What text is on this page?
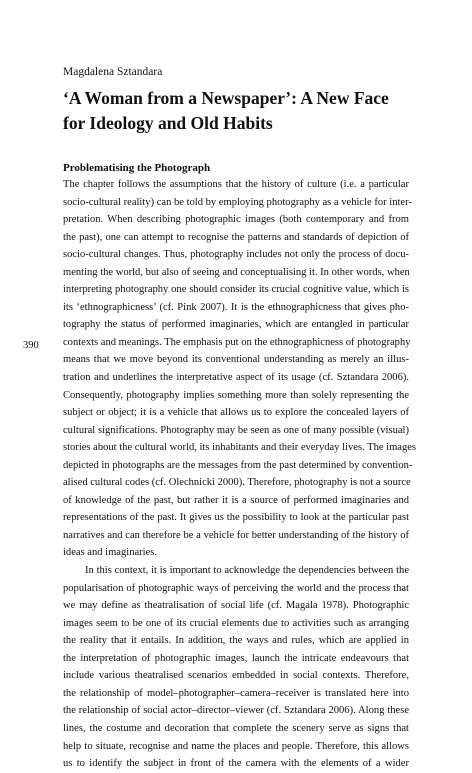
Magdalena Sztandara
‘A Woman from a Newspaper’: A New Face
for Ideology and Old Habits
Problematising the Photograph
390
The chapter follows the assumptions that the history of culture (i.e. a particular
socio-cultural reality) can be told by employing photography as a vehicle for inter-
pretation. When describing photographic images (both contemporary and from
the past), one can attempt to recognise the patterns and standards of depiction of
socio-cultural changes. Thus, photography includes not only the process of docu-
menting the world, but also of seeing and conceptualising it. In other words, when
interpreting photography one should consider its crucial cognitive value, which is
its ‘ethnographicness’ (cf. Pink 2007). It is the ethnographicness that gives pho-
tography the status of performed imaginaries, which are entangled in particular
contexts and meanings. The emphasis put on the ethnographicness of photography
means that we move beyond its conventional understanding as merely an illus-
tration and underlines the interpretative aspect of its usage (cf. Sztandara 2006).
Consequently, photography implies something more than solely representing the
subject or object; it is a vehicle that allows us to explore the concealed layers of
cultural significations. Photography may be seen as one of many possible (visual)
stories about the cultural world, its inhabitants and their everyday lives. The images
depicted in photographs are the messages from the past determined by convention-
alised cultural codes (cf. Olechnicki 2000). Therefore, photography is not a source
of knowledge of the past, but rather it is a source of performed imaginaries and
representations of the past. It gives us the possibility to look at the particular past
narratives and can therefore be a vehicle for better understanding of the history of
ideas and imaginaries.
In this context, it is important to acknowledge the dependencies between the
popularisation of photographic ways of perceiving the world and the process that
we may define as theatralisation of social life (cf. Magala 1978). Photographic
images seem to be one of its crucial elements due to activities such as arranging
the reality that it entails. In addition, the ways and rules, which are applied in
the interpretation of photographic images, launch the intricate endeavours that
include various theatralised scenarios embedded in social contexts. Therefore,
the relationship of model–photographer–camera–receiver is translated here into
the relationship of social actor–director–viewer (cf. Sztandara 2006). Along these
lines, the costume and decoration that complete the scenery serve as signs that
help to situate, recognise and name the places and people. Therefore, this allows
us to identify the subject in front of the camera with the elements of a wider
